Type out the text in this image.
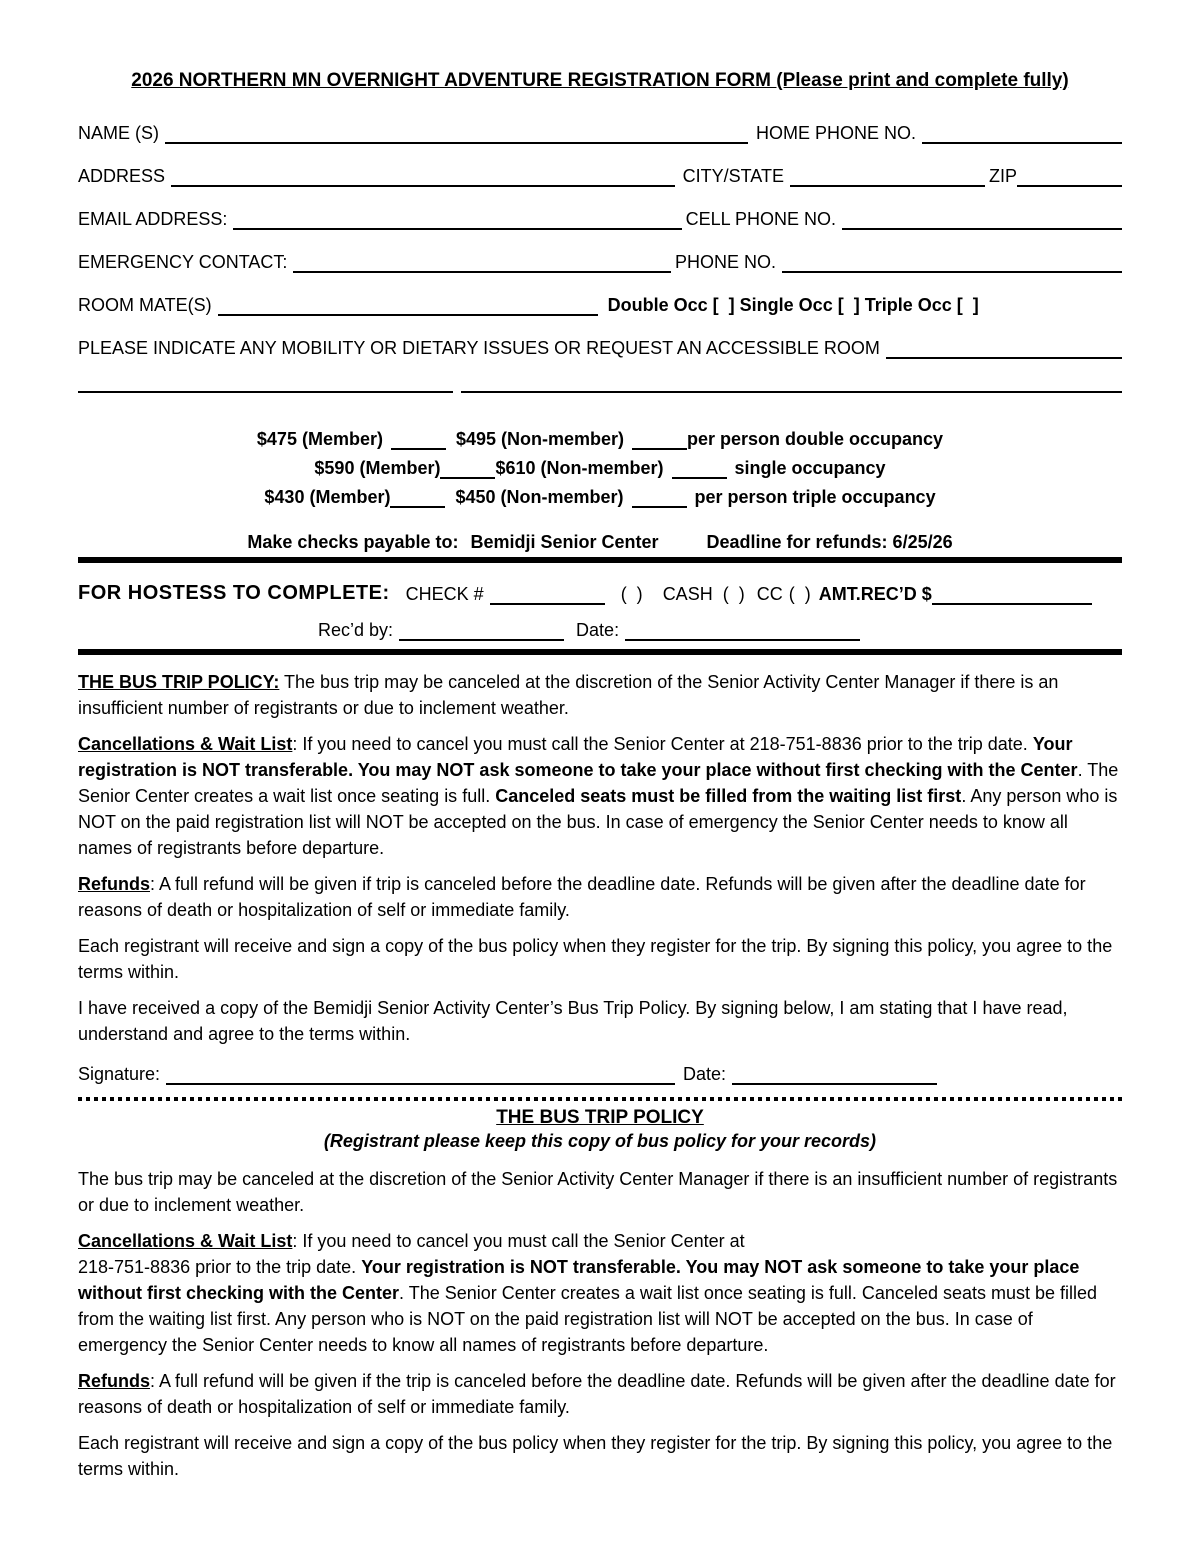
2026 NORTHERN MN OVERNIGHT ADVENTURE REGISTRATION FORM (Please print and complete fully)
NAME (S)	HOME PHONE NO.
ADDRESS	CITY/STATE	ZIP
EMAIL ADDRESS:	CELL PHONE NO.
EMERGENCY CONTACT:	PHONE NO.
ROOM MATE(S)	Double Occ [  ] Single Occ [  ] Triple Occ [  ]
PLEASE INDICATE ANY MOBILITY OR DIETARY ISSUES OR REQUEST AN ACCESSIBLE ROOM
$475 (Member)	$495 (Non-member)	per person double occupancy
$590 (Member)	$610 (Non-member)	single occupancy
$430 (Member)	$450 (Non-member)	per person triple occupancy
Make checks payable to: Bemidji Senior Center	Deadline for refunds: 6/25/26
FOR HOSTESS TO COMPLETE: CHECK #	(  ) CASH (  ) CC (  ) AMT.REC’D $
Rec’d by:	Date:

THE BUS TRIP POLICY: The bus trip may be canceled at the discretion of the Senior Activity Center Manager if there is an insufficient number of registrants or due to inclement weather.

Cancellations & Wait List: If you need to cancel you must call the Senior Center at 218-751-8836 prior to the trip date. Your registration is NOT transferable. You may NOT ask someone to take your place without first checking with the Center. The Senior Center creates a wait list once seating is full. Canceled seats must be filled from the waiting list first. Any person who is NOT on the paid registration list will NOT be accepted on the bus. In case of emergency the Senior Center needs to know all names of registrants before departure.

Refunds: A full refund will be given if trip is canceled before the deadline date. Refunds will be given after the deadline date for reasons of death or hospitalization of self or immediate family.

Each registrant will receive and sign a copy of the bus policy when they register for the trip. By signing this policy, you agree to the terms within.

I have received a copy of the Bemidji Senior Activity Center’s Bus Trip Policy. By signing below, I am stating that I have read, understand and agree to the terms within.

Signature:	Date:
THE BUS TRIP POLICY
(Registrant please keep this copy of bus policy for your records)

The bus trip may be canceled at the discretion of the Senior Activity Center Manager if there is an insufficient number of registrants or due to inclement weather.

Cancellations & Wait List: If you need to cancel you must call the Senior Center at
218-751-8836 prior to the trip date. Your registration is NOT transferable. You may NOT ask someone to take your place without first checking with the Center. The Senior Center creates a wait list once seating is full. Canceled seats must be filled from the waiting list first. Any person who is NOT on the paid registration list will NOT be accepted on the bus. In case of emergency the Senior Center needs to know all names of registrants before departure.

Refunds: A full refund will be given if the trip is canceled before the deadline date. Refunds will be given after the deadline date for reasons of death or hospitalization of self or immediate family.

Each registrant will receive and sign a copy of the bus policy when they register for the trip. By signing this policy, you agree to the terms within.
